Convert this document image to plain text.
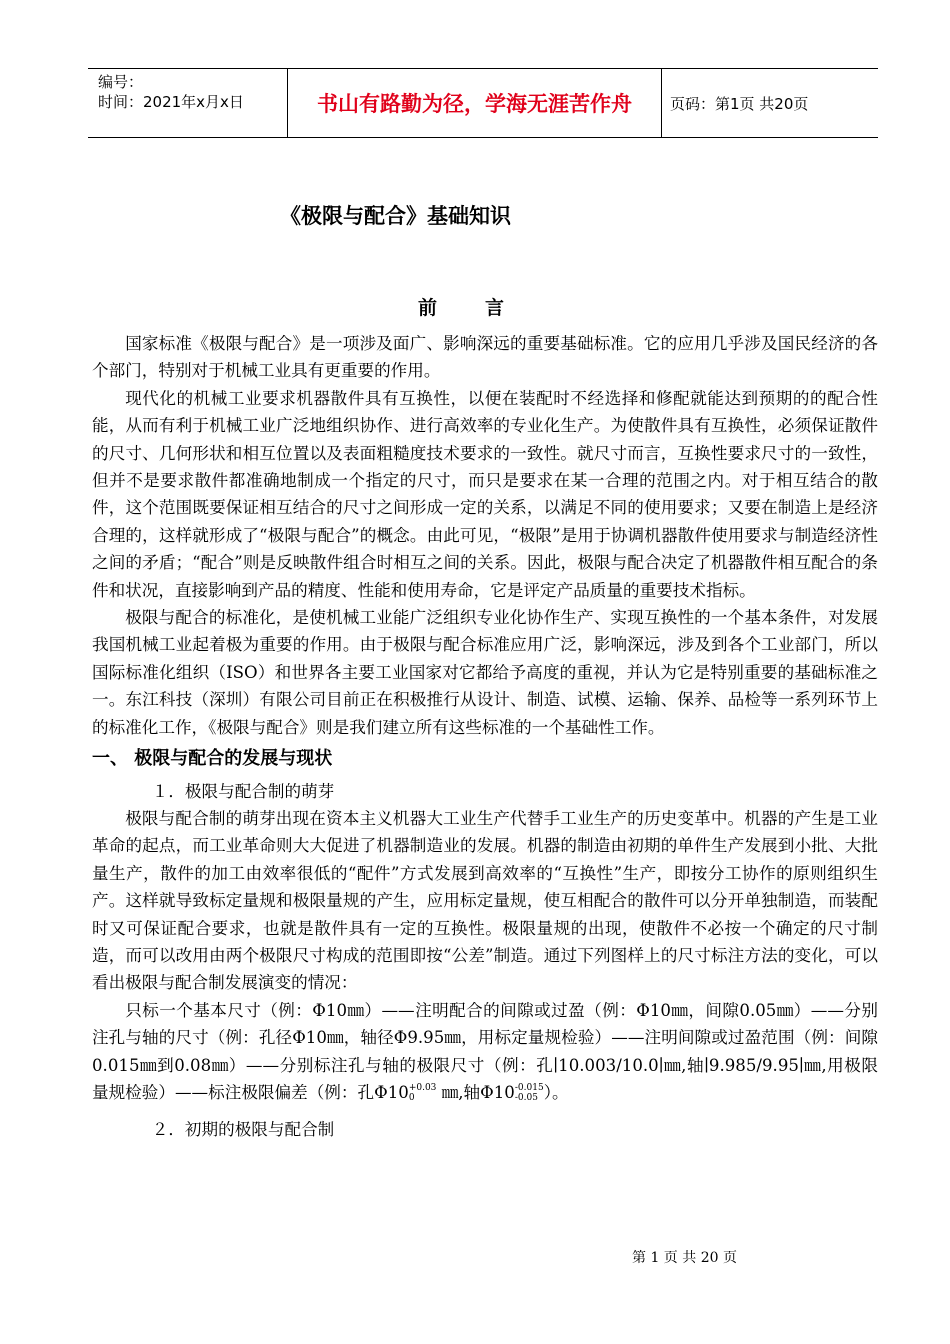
编号：
时间：2021年x月x日	书山有路勤为径，学海无涯苦作舟	页码：第1页 共20页
《极限与配合》基础知识
前言

国家标准《极限与配合》是一项涉及面广、影响深远的重要基础标准。它的应用几乎涉及国民经济的各个部门，特别对于机械工业具有更重要的作用。

现代化的机械工业要求机器散件具有互换性，以便在装配时不经选择和修配就能达到预期的的配合性能，从而有利于机械工业广泛地组织协作、进行高效率的专业化生产。为使散件具有互换性，必须保证散件的尺寸、几何形状和相互位置以及表面粗糙度技术要求的一致性。就尺寸而言，互换性要求尺寸的一致性，但并不是要求散件都准确地制成一个指定的尺寸，而只是要求在某一合理的范围之内。对于相互结合的散件，这个范围既要保证相互结合的尺寸之间形成一定的关系，以满足不同的使用要求；又要在制造上是经济合理的，这样就形成了“极限与配合”的概念。由此可见，“极限”是用于协调机器散件使用要求与制造经济性之间的矛盾；“配合”则是反映散件组合时相互之间的关系。因此，极限与配合决定了机器散件相互配合的条件和状况，直接影响到产品的精度、性能和使用寿命，它是评定产品质量的重要技术指标。

极限与配合的标准化，是使机械工业能广泛组织专业化协作生产、实现互换性的一个基本条件，对发展我国机械工业起着极为重要的作用。由于极限与配合标准应用广泛，影响深远，涉及到各个工业部门，所以国际标准化组织（ISO）和世界各主要工业国家对它都给予高度的重视，并认为它是特别重要的基础标准之一。东江科技（深圳）有限公司目前正在积极推行从设计、制造、试模、运输、保养、品检等一系列环节上的标准化工作，《极限与配合》则是我们建立所有这些标准的一个基础性工作。

一、 极限与配合的发展与现状

１．极限与配合制的萌芽

极限与配合制的萌芽出现在资本主义机器大工业生产代替手工业生产的历史变革中。机器的产生是工业革命的起点，而工业革命则大大促进了机器制造业的发展。机器的制造由初期的单件生产发展到小批、大批量生产，散件的加工由效率很低的“配件”方式发展到高效率的“互换性”生产，即按分工协作的原则组织生产。这样就导致标定量规和极限量规的产生，应用标定量规，使互相配合的散件可以分开单独制造，而装配时又可保证配合要求，也就是散件具有一定的互换性。极限量规的出现，使散件不必按一个确定的尺寸制造，而可以改用由两个极限尺寸构成的范围即按“公差”制造。通过下列图样上的尺寸标注方法的变化，可以看出极限与配合制发展演变的情况：

只标一个基本尺寸（例：Φ10㎜）——注明配合的间隙或过盈（例：Φ10㎜，间隙0.05㎜）——分别注孔与轴的尺寸（例：孔径Φ10㎜，轴径Φ9.95㎜，用标定量规检验）——注明间隙或过盈范围（例：间隙0.015㎜到0.08㎜）——分别标注孔与轴的极限尺寸（例：孔∣10.003/10.0∣㎜,轴∣9.985/9.95∣㎜,用极限量规检验）——标注极限偏差（例：孔Φ10 +0.03
0	㎜,轴Φ10 -0.015
-0.05 ）。

２．初期的极限与配合制

第 1 页 共 20 页
